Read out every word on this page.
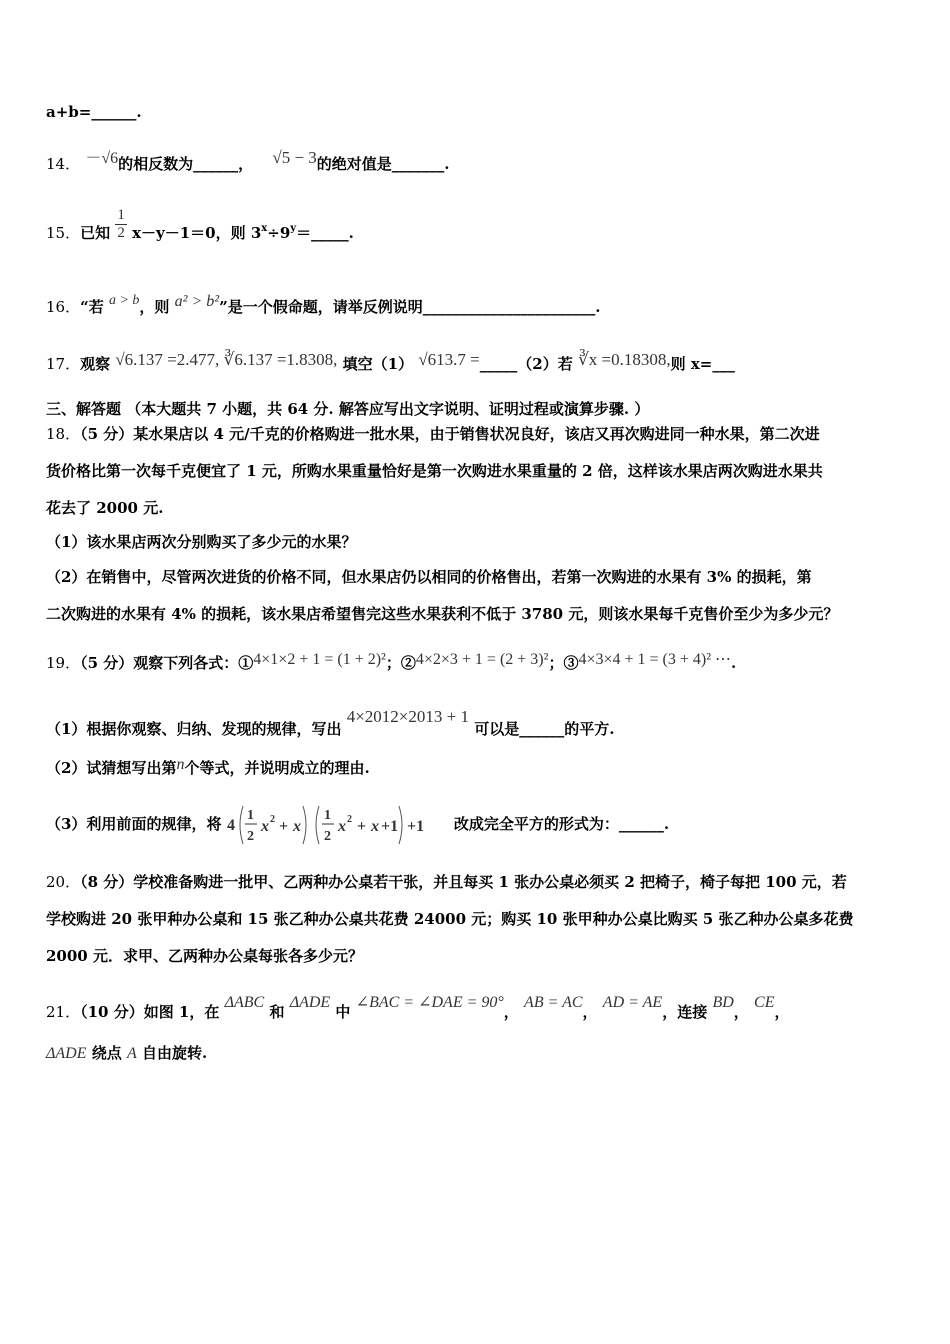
a+b=______.
14． －√6的相反数为______， √5 − 3的绝对值是_______.
15．已知 $\frac{1}{2} x-y-1=0$，则 $3^x\div 9^y=\_\_\_\_\_$.
16．“若 a > b，则 a² > b²”是一个假命题，请举反例说明_______________________.
17．观察 √6.137 =2.477, ∛6.137 =1.8308, 填空（1） √613.7 =_____（2）若 ∛x =0.18308,则 x=___
三、解答题 （本大题共 7 小题，共 64 分. 解答应写出文字说明、证明过程或演算步骤. ）
18．（5 分）某水果店以 4 元/千克的价格购进一批水果，由于销售状况良好，该店又再次购进同一种水果，第二次进
货价格比第一次每千克便宜了 1 元，所购水果重量恰好是第一次购进水果重量的 2 倍，这样该水果店两次购进水果共
花去了 2000 元.
（1）该水果店两次分别购买了多少元的水果？
（2）在销售中，尽管两次进货的价格不同，但水果店仍以相同的价格售出，若第一次购进的水果有 3% 的损耗，第
二次购进的水果有 4% 的损耗，该水果店希望售完这些水果获利不低于 3780 元，则该水果每千克售价至少为多少元？
19．（5 分）观察下列各式：①4×1×2 + 1 = (1 + 2)²；②4×2×3 + 1 = (2 + 3)²；③4×3×4 + 1 = (3 + 4)² ⋯.
（1）根据你观察、归纳、发现的规律，写出 4×2012×2013 + 1 可以是______的平方.
（2）试猜想写出第n个等式，并说明成立的理由.
（3）利用前面的规律，将 4
1
2
x 2 + x
1
2
x 2 + x +1 +1 改成完全平方的形式为：______.
20．（8 分）学校准备购进一批甲、乙两种办公桌若干张，并且每买 1 张办公桌必须买 2 把椅子，椅子每把 100 元，若
学校购进 20 张甲种办公桌和 15 张乙种办公桌共花费 24000 元；购买 10 张甲种办公桌比购买 5 张乙种办公桌多花费
2000 元．求甲、乙两种办公桌每张各多少元？
21．（10 分）如图 1，在 ΔABC 和 ΔADE 中 ∠BAC = ∠DAE = 90°， AB = AC， AD = AE，连接 BD， CE，
ΔADE 绕点 A 自由旋转.
